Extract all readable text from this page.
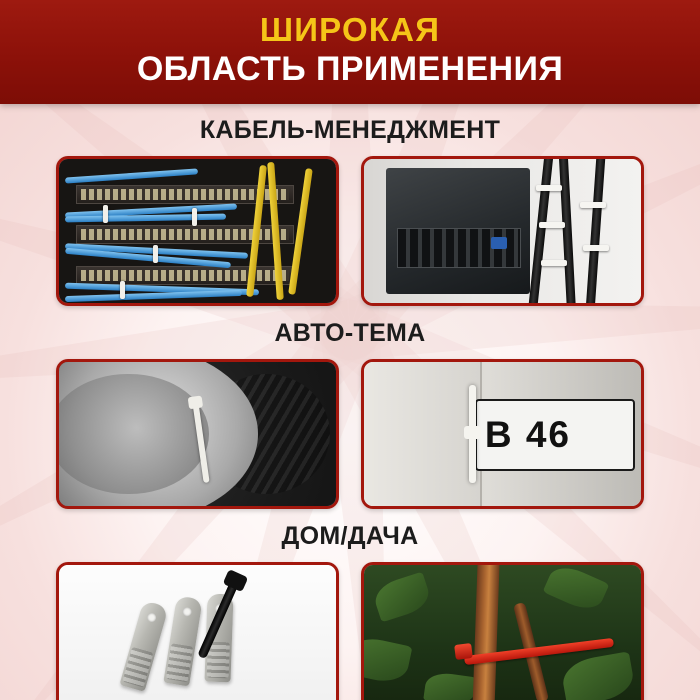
ШИРОКАЯ
ОБЛАСТЬ ПРИМЕНЕНИЯ
КАБЕЛЬ-МЕНЕДЖМЕНТ
АВТО-ТЕМА
В 46
ДОМ/ДАЧА
